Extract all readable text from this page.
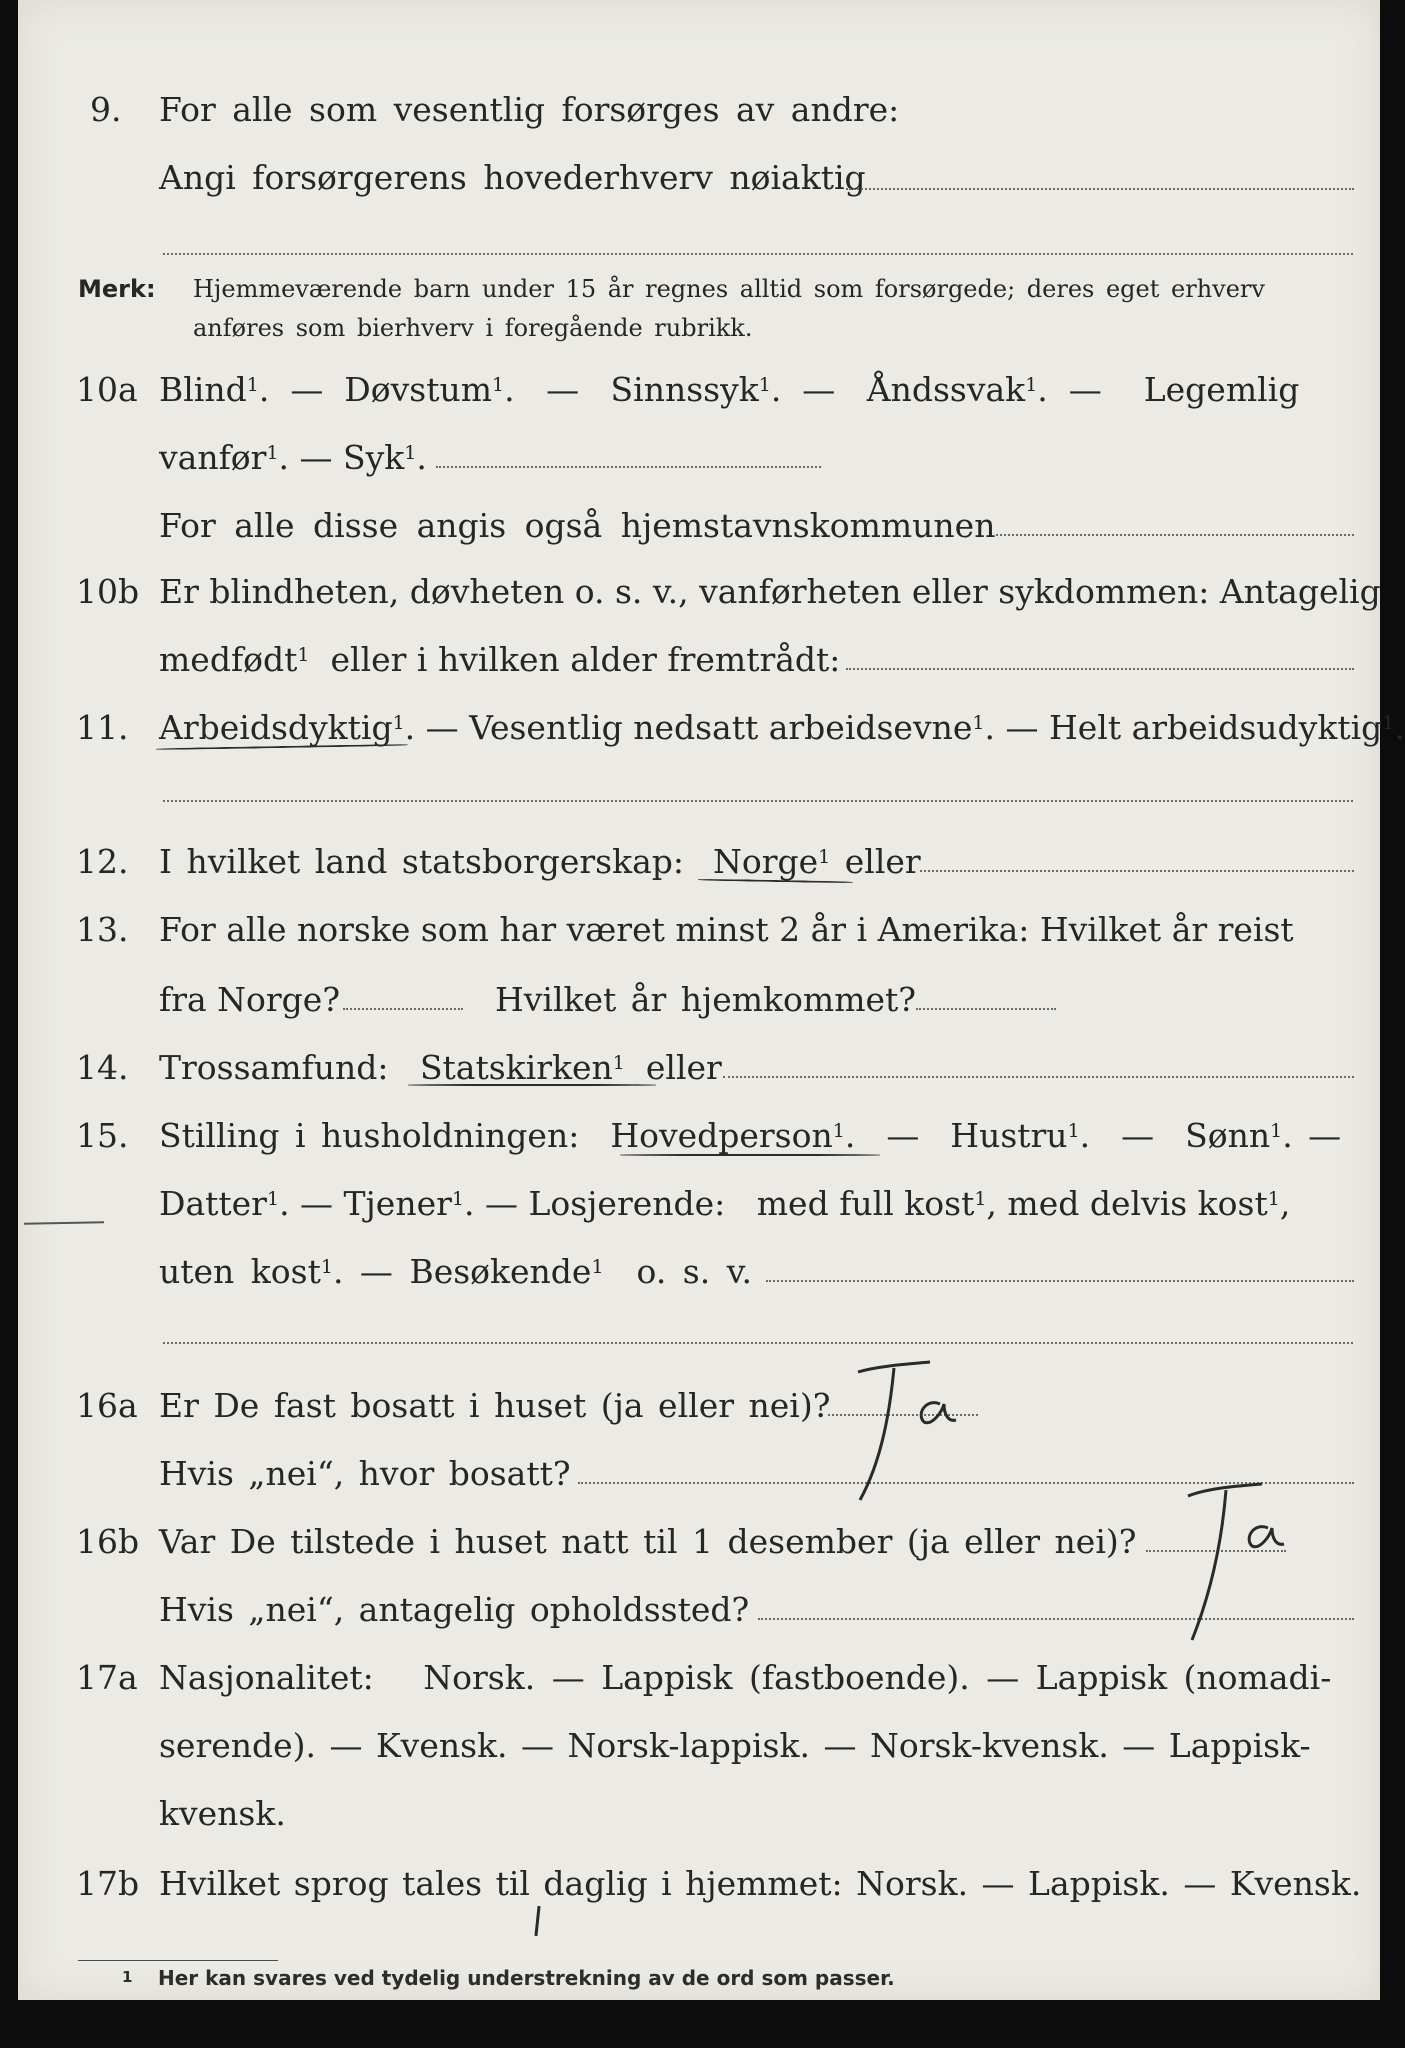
9. For alle som vesentlig forsørges av andre:
Angi forsørgerens hovederhverv nøiaktig
Merk: Hjemmeværende barn under 15 år regnes alltid som forsørgede; deres eget erhverv
anføres som bierhverv i foregående rubrikk.
10a Blind$^1$.  —  Døvstum$^1$.   —   Sinnssyk$^1$.  —   Åndssvak$^1$.  —    Legemlig
vanfør$^1$. — Syk$^1$.
For alle disse angis også hjemstavnskommunen
10b Er blindheten, døvheten o. s. v., vanførheten eller sykdommen: Antagelig
medfødt$^1$ eller i hvilken alder fremtrådt:
11. Arbeidsdyktig$^1$. — Vesentlig nedsatt arbeidsevne$^1$. — Helt arbeidsudyktig$^1$.
12. I hvilket land statsborgerskap: Norge$^1$ eller
13. For alle norske som har været minst 2 år i Amerika: Hvilket år reist
fra Norge?	Hvilket år hjemkommet?
14. Trossamfund: Statskirken$^1$ eller
15. Stilling i husholdningen: Hovedperson$^1$.  —  Hustru$^1$.  —  Sønn$^1$. —
Datter$^1$. — Tjener$^1$. — Losjerende: med full kost$^1$, med delvis kost$^1$,
uten kost$^1$. — Besøkende$^1$ o. s. v.
16a Er De fast bosatt i huset (ja eller nei)?
Hvis „nei“, hvor bosatt?
Ja
16b Var De tilstede i huset natt til 1 desember (ja eller nei)?
Hvis „nei“, antagelig opholdssted?
Ja
17a Nasjonalitet: Norsk. — Lappisk (fastboende). — Lappisk (nomadi-
serende). — Kvensk. — Norsk-lappisk. — Norsk-kvensk. — Lappisk-
kvensk.
17b Hvilket sprog tales til daglig i hjemmet: Norsk. — Lappisk. — Kvensk.
1 Her kan svares ved tydelig understrekning av de ord som passer.
